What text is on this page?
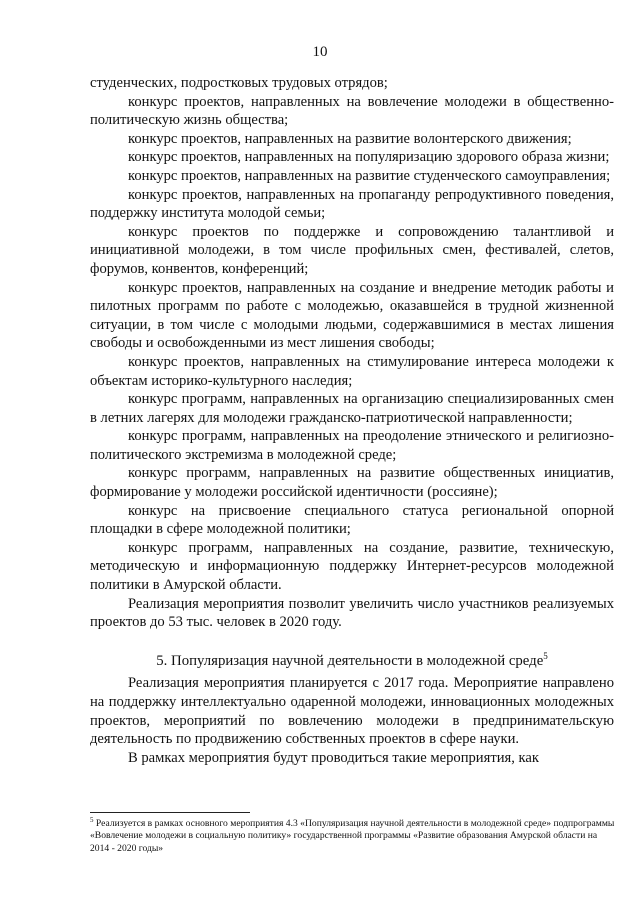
10

студенческих, подростковых трудовых отрядов;

конкурс проектов, направленных на вовлечение молодежи в общественно-политическую жизнь общества;

конкурс проектов, направленных на развитие волонтерского движения;

конкурс проектов, направленных на популяризацию здорового образа жизни;

конкурс проектов, направленных на развитие студенческого самоуправления;

конкурс проектов, направленных на пропаганду репродуктивного поведения, поддержку института молодой семьи;

конкурс проектов по поддержке и сопровождению талантливой и инициативной молодежи, в том числе профильных смен, фестивалей, слетов, форумов, конвентов, конференций;

конкурс проектов, направленных на создание и внедрение методик работы и пилотных программ по работе с молодежью, оказавшейся в трудной жизненной ситуации, в том числе с молодыми людьми, содержавшимися в местах лишения свободы и освобожденными из мест лишения свободы;

конкурс проектов, направленных на стимулирование интереса молодежи к объектам историко-культурного наследия;

конкурс программ, направленных на организацию специализированных смен в летних лагерях для молодежи гражданско-патриотической направленности;

конкурс программ, направленных на преодоление этнического и религиозно-политического экстремизма в молодежной среде;

конкурс программ, направленных на развитие общественных инициатив, формирование у молодежи российской идентичности (россияне);

конкурс на присвоение специального статуса региональной опорной площадки в сфере молодежной политики;

конкурс программ, направленных на создание, развитие, техническую, методическую и информационную поддержку Интернет-ресурсов молодежной политики в Амурской области.

Реализация мероприятия позволит увеличить число участников реализуемых проектов до 53 тыс. человек в 2020 году.

5. Популяризация научной деятельности в молодежной среде$^5$

Реализация мероприятия планируется с 2017 года. Мероприятие направлено на поддержку интеллектуально одаренной молодежи, инновационных молодежных проектов, мероприятий по вовлечению молодежи в предпринимательскую деятельность по продвижению собственных проектов в сфере науки.

В рамках мероприятия будут проводиться такие мероприятия, как

$^5$ Реализуется в рамках основного мероприятия 4.3 «Популяризация научной деятельности в молодежной среде» подпрограммы «Вовлечение молодежи в социальную политику» государственной программы «Развитие образования Амурской области на 2014 - 2020 годы»
